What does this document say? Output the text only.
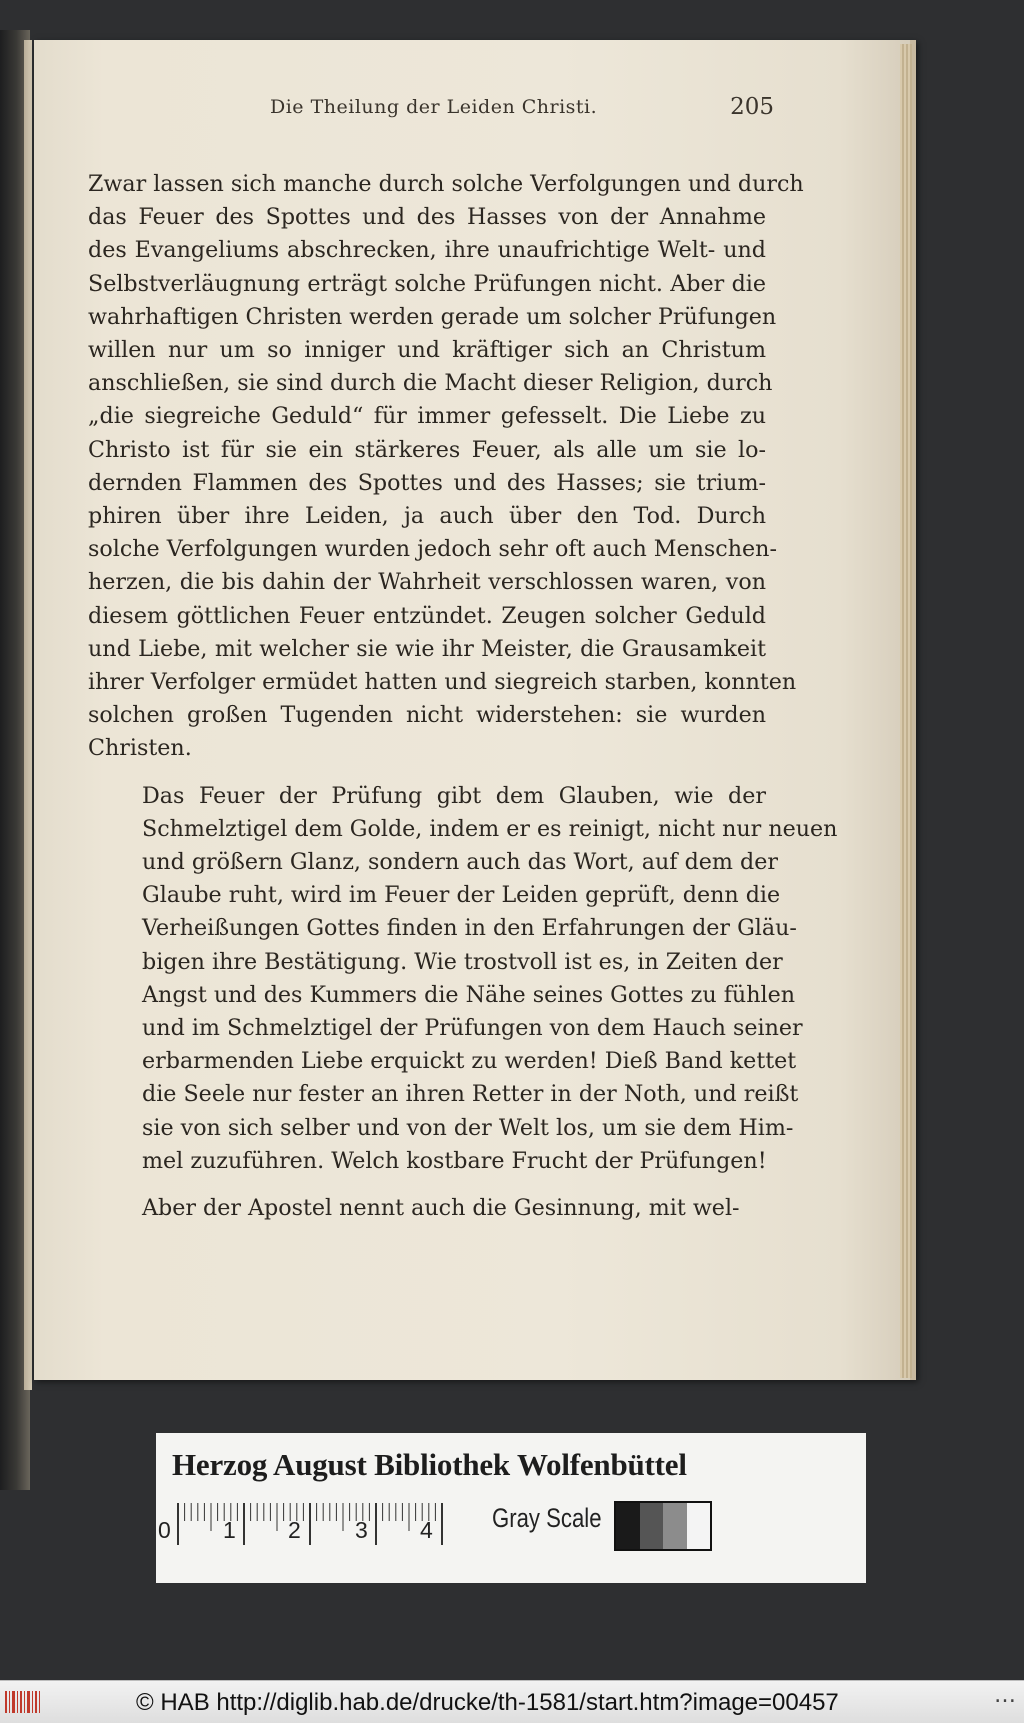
Die Theilung der Leiden Christi.	205
Zwar lassen sich manche durch solche Verfolgungen und durch
das Feuer des Spottes und des Hasses von der Annahme
des Evangeliums abschrecken, ihre unaufrichtige Welt- und
Selbstverläugnung erträgt solche Prüfungen nicht. Aber die
wahrhaftigen Christen werden gerade um solcher Prüfungen
willen nur um so inniger und kräftiger sich an Christum
anschließen, sie sind durch die Macht dieser Religion, durch
„die siegreiche Geduld“ für immer gefesselt. Die Liebe zu
Christo ist für sie ein stärkeres Feuer, als alle um sie lo-
dernden Flammen des Spottes und des Hasses; sie trium-
phiren über ihre Leiden, ja auch über den Tod. Durch
solche Verfolgungen wurden jedoch sehr oft auch Menschen-
herzen, die bis dahin der Wahrheit verschlossen waren, von
diesem göttlichen Feuer entzündet. Zeugen solcher Geduld
und Liebe, mit welcher sie wie ihr Meister, die Grausamkeit
ihrer Verfolger ermüdet hatten und siegreich starben, konnten
solchen großen Tugenden nicht widerstehen: sie wurden
Christen.
Das Feuer der Prüfung gibt dem Glauben, wie der
Schmelztigel dem Golde, indem er es reinigt, nicht nur neuen
und größern Glanz, sondern auch das Wort, auf dem der
Glaube ruht, wird im Feuer der Leiden geprüft, denn die
Verheißungen Gottes finden in den Erfahrungen der Gläu-
bigen ihre Bestätigung. Wie trostvoll ist es, in Zeiten der
Angst und des Kummers die Nähe seines Gottes zu fühlen
und im Schmelztigel der Prüfungen von dem Hauch seiner
erbarmenden Liebe erquickt zu werden! Dieß Band kettet
die Seele nur fester an ihren Retter in der Noth, und reißt
sie von sich selber und von der Welt los, um sie dem Him-
mel zuzuführen. Welch kostbare Frucht der Prüfungen!
Aber der Apostel nennt auch die Gesinnung, mit wel-
Herzog August Bibliothek Wolfenbüttel
0 1 2 3 4 Gray Scale
© HAB http://diglib.hab.de/drucke/th-1581/start.htm?image=00457	…
